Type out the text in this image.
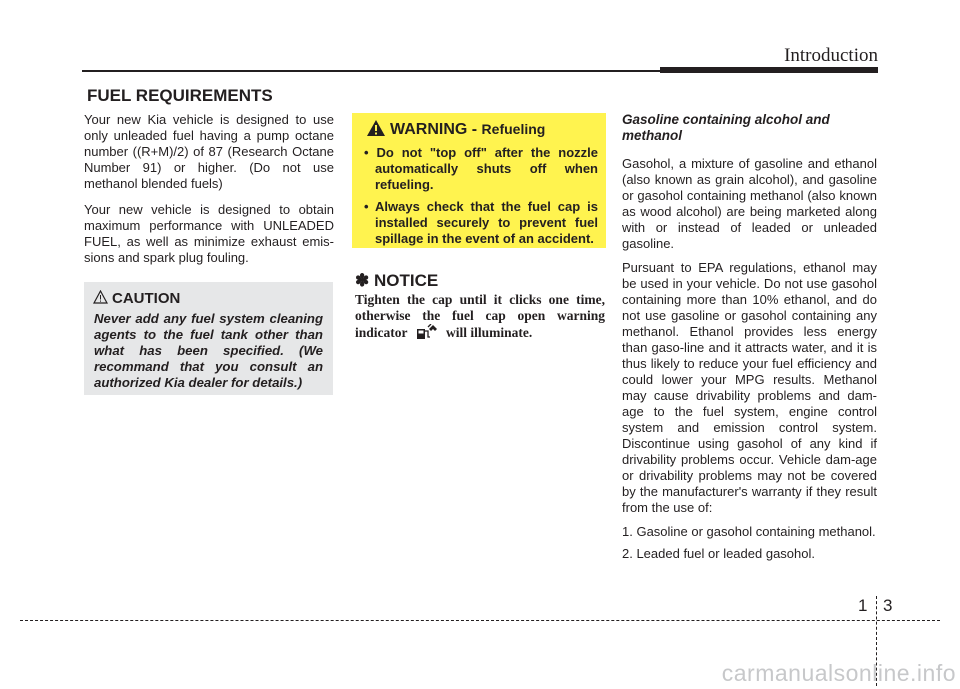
Introduction
FUEL REQUIREMENTS

Your new Kia vehicle is designed to use only unleaded fuel having a pump octane number ((R+M)/2) of 87 (Research Octane Number 91) or higher. (Do not use methanol blended fuels)

Your new vehicle is designed to obtain maximum performance with UNLEADED FUEL, as well as minimize exhaust emis-sions and spark plug fouling.

CAUTION

Never add any fuel system cleaning agents to the fuel tank other than what has been specified. (We recommand that you consult an authorized Kia dealer for details.)

WARNING - Refueling
• Do not "top off" after the nozzle automatically shuts off when refueling.
• Always check that the fuel cap is installed securely to prevent fuel spillage in the event of an accident.
✽ NOTICE
Tighten the cap until it clicks one time, otherwise the fuel cap open warning indicator	will illuminate.

Gasoline containing alcohol and methanol

Gasohol, a mixture of gasoline and ethanol (also known as grain alcohol), and gasoline or gasohol containing methanol (also known as wood alcohol) are being marketed along with or instead of leaded or unleaded gasoline.

Pursuant to EPA regulations, ethanol may be used in your vehicle. Do not use gasohol containing more than 10% ethanol, and do not use gasoline or gasohol containing any methanol. Ethanol provides less energy than gaso-line and it attracts water, and it is thus likely to reduce your fuel efficiency and could lower your MPG results. Methanol may cause drivability problems and dam-age to the fuel system, engine control system and emission control system. Discontinue using gasohol of any kind if drivability problems occur. Vehicle dam-age or drivability problems may not be covered by the manufacturer's warranty if they result from the use of:

1. Gasoline or gasohol containing methanol.
2. Leaded fuel or leaded gasohol.
1 3
carmanualsonline.info
